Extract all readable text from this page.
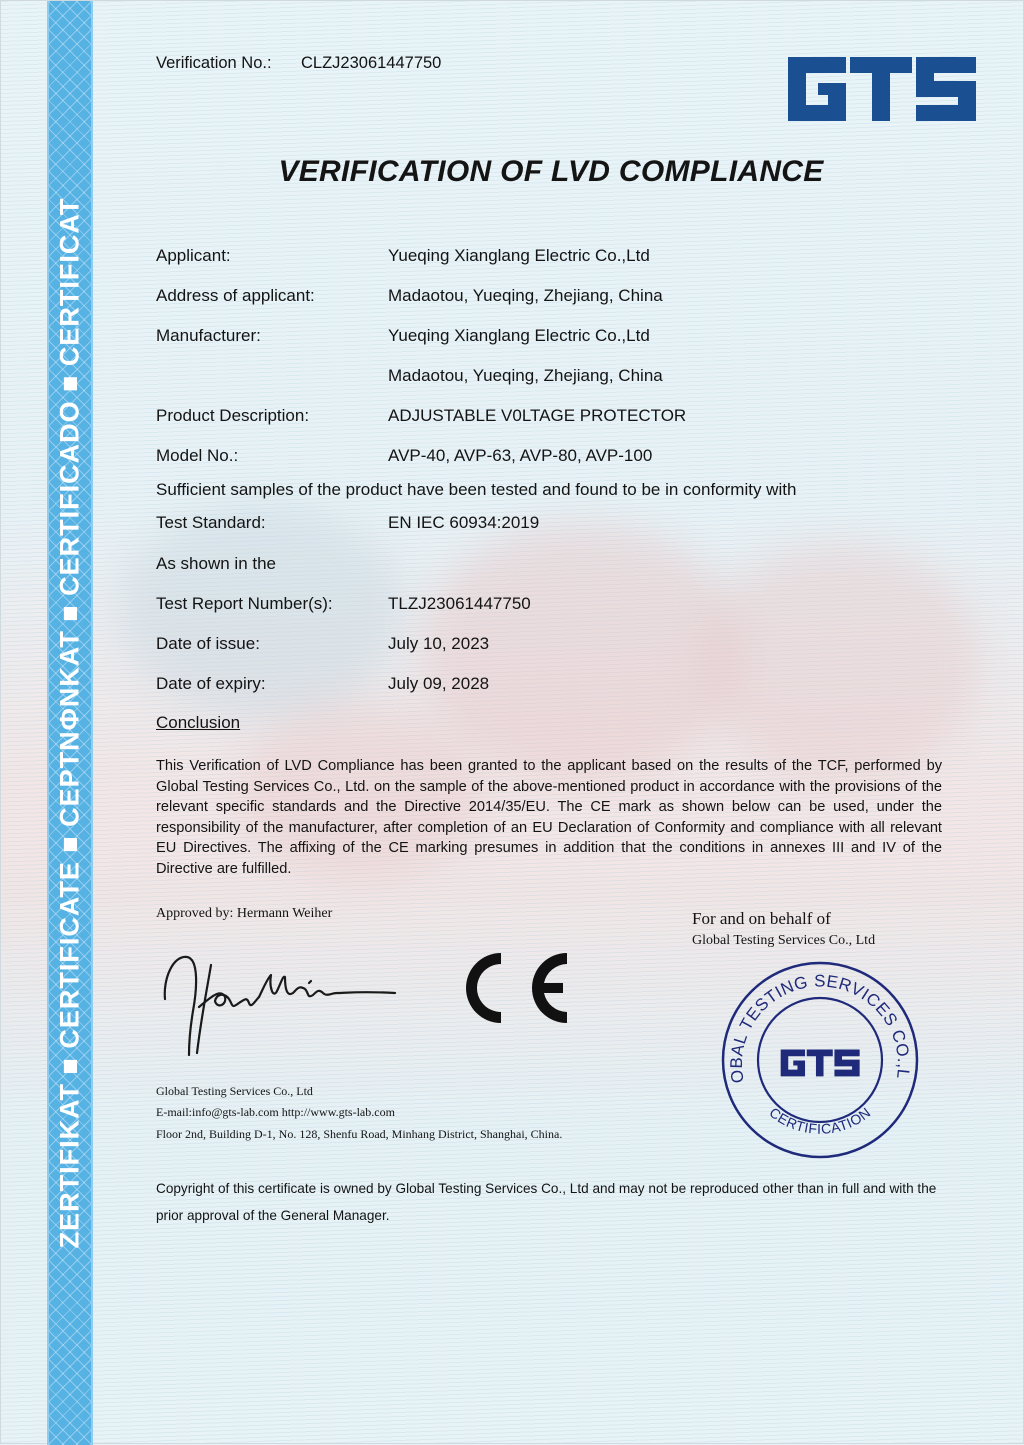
ZERTIFIKAT ■ CERTIFICATE ■ CEPTNΦNKAT ■ CERTIFICADO ■ CERTIFICAT
Verification No.: CLZJ23061447750
VERIFICATION OF LVD COMPLIANCE
Applicant:	Yueqing Xianglang Electric Co.,Ltd
Address of applicant:	Madaotou, Yueqing, Zhejiang, China
Manufacturer:	Yueqing Xianglang Electric Co.,Ltd
Madaotou, Yueqing, Zhejiang, China
Product Description:	ADJUSTABLE V0LTAGE PROTECTOR
Model No.:	AVP-40, AVP-63, AVP-80, AVP-100
Sufficient samples of the product have been tested and found to be in conformity with
Test Standard:	EN IEC 60934:2019
As shown in the
Test Report Number(s):	TLZJ23061447750
Date of issue:	July 10, 2023
Date of expiry:	July 09, 2028
Conclusion
This Verification of LVD Compliance has been granted to the applicant based on the results of the TCF, performed by Global Testing Services Co., Ltd. on the sample of the above-mentioned product in accordance with the provisions of the relevant specific standards and the Directive 2014/35/EU. The CE mark as shown below can be used, under the responsibility of the manufacturer, after completion of an EU Declaration of Conformity and compliance with all relevant EU Directives. The affixing of the CE marking presumes in addition that the conditions in annexes III and IV of the Directive are fulfilled.
Approved by: Hermann Weiher	For and on behalf of
Global Testing Services Co., Ltd
OBAL TESTING SERVICES CO.,L
CERTIFICATION
Global Testing Services Co., Ltd
E-mail:info@gts-lab.com http://www.gts-lab.com
Floor 2nd, Building D-1, No. 128, Shenfu Road, Minhang District, Shanghai, China.
Copyright of this certificate is owned by Global Testing Services Co., Ltd and may not be reproduced other than in full and with the prior approval of the General Manager.
